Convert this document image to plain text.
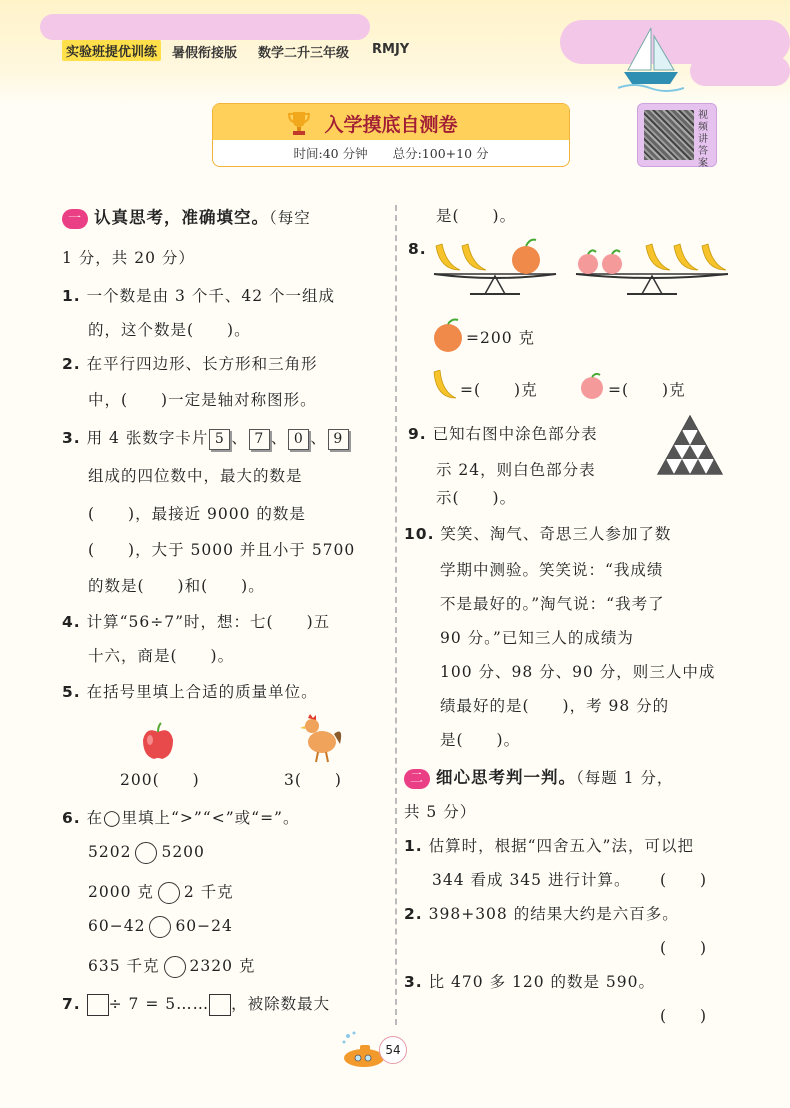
实验班提优训练	暑假衔接版 数学二升三年级 RMJY
入学摸底自测卷
时间:40 分钟　　总分:100+10 分
视频讲答案
一 认真思考，准确填空。（每空
1 分，共 20 分）
1. 一个数是由 3 个千、42 个一组成
的，这个数是(　　)。
2. 在平行四边形、长方形和三角形
中，(　　)一定是轴对称图形。
3. 用 4 张数字卡片 5 、 7 、 0 、 9
组成的四位数中，最大的数是
(　　)，最接近 9000 的数是
(　　)，大于 5000 并且小于 5700
的数是(　　)和(　　)。
4. 计算“56÷7”时，想：七(　　)五
十六，商是(　　)。
5. 在括号里填上合适的质量单位。
200(　　)	3(　　)
6. 在◯里填上“>”“<”或“=”。
5202 5200
2000 克 2 千克
60−42 60−24
635 千克 2320 克
7. ÷ 7 = 5…… ，被除数最大
是(　　)。
8.
=200 克
=(　　)克	=(　　)克
9. 已知右图中涂色部分表
示 24，则白色部分表
示(　　)。
10. 笑笑、淘气、奇思三人参加了数
学期中测验。笑笑说：“我成绩
不是最好的。”淘气说：“我考了
90 分。”已知三人的成绩为
100 分、98 分、90 分，则三人中成
绩最好的是(　　)，考 98 分的
是(　　)。
二 细心思考判一判。（每题 1 分，
共 5 分）
1. 估算时，根据“四舍五入”法，可以把
344 看成 345 进行计算。 (　　)
2. 398+308 的结果大约是六百多。
(　　)
3. 比 470 多 120 的数是 590。
(　　)
54
